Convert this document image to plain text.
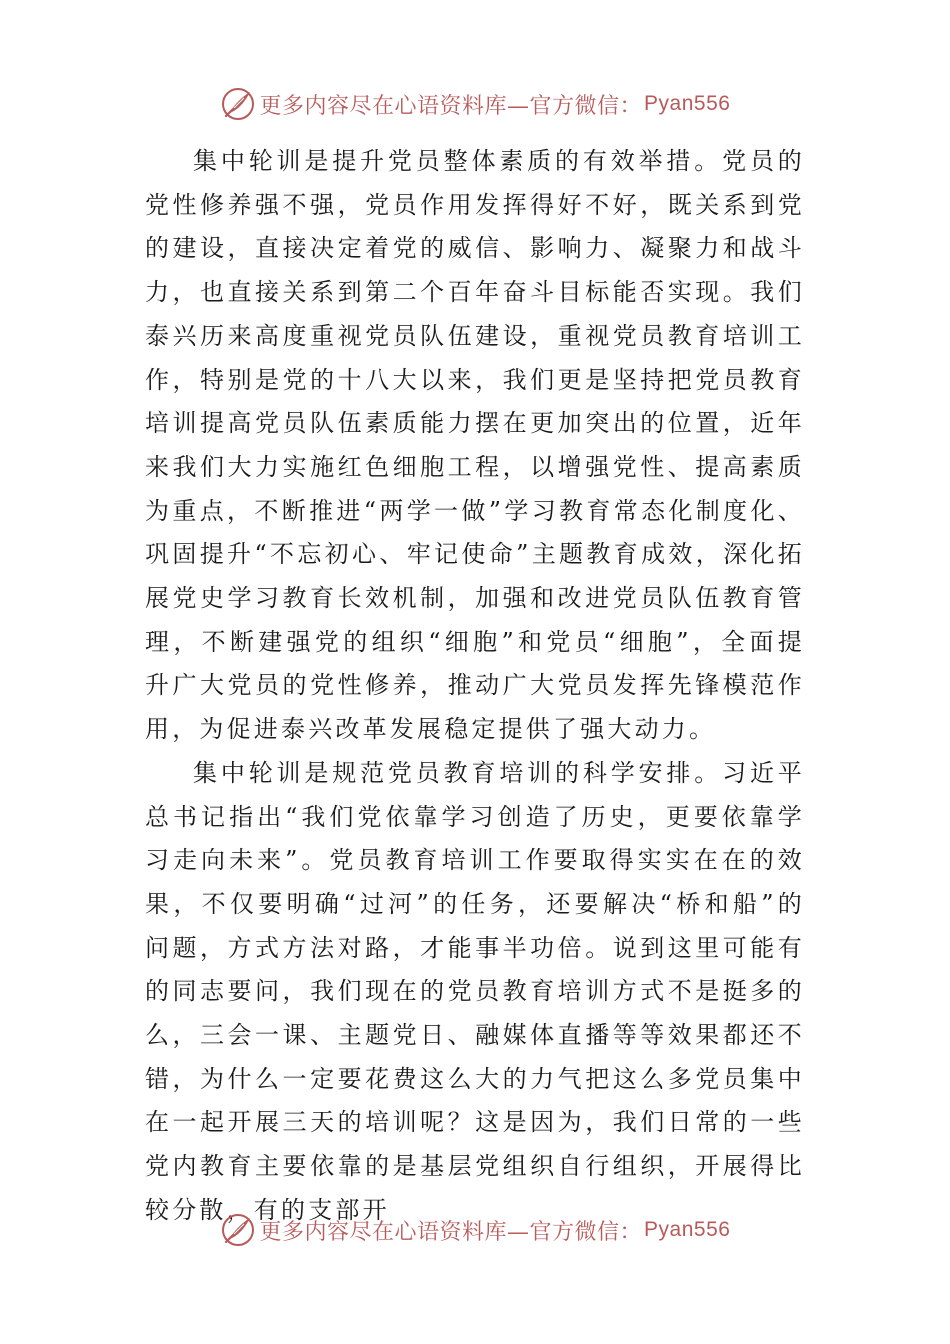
更多内容尽在心语资料库—官方微信： Pyan556

集中轮训是提升党员整体素质的有效举措。党员的党性修养强不强，党员作用发挥得好不好，既关系到党的建设，直接决定着党的威信、影响力、凝聚力和战斗力，也直接关系到第二个百年奋斗目标能否实现。我们泰兴历来高度重视党员队伍建设，重视党员教育培训工作，特别是党的十八大以来，我们更是坚持把党员教育培训提高党员队伍素质能力摆在更加突出的位置，近年来我们大力实施红色细胞工程，以增强党性、提高素质为重点，不断推进“两学一做”学习教育常态化制度化、巩固提升“不忘初心、牢记使命”主题教育成效，深化拓展党史学习教育长效机制，加强和改进党员队伍教育管理，不断建强党的组织“细胞”和党员“细胞”，全面提升广大党员的党性修养，推动广大党员发挥先锋模范作用，为促进泰兴改革发展稳定提供了强大动力。

集中轮训是规范党员教育培训的科学安排。习近平总书记指出“我们党依靠学习创造了历史，更要依靠学习走向未来”。党员教育培训工作要取得实实在在的效果，不仅要明确“过河”的任务，还要解决“桥和船”的问题，方式方法对路，才能事半功倍。说到这里可能有的同志要问，我们现在的党员教育培训方式不是挺多的么，三会一课、主题党日、融媒体直播等等效果都还不错，为什么一定要花费这么大的力气把这么多党员集中在一起开展三天的培训呢？这是因为，我们日常的一些党内教育主要依靠的是基层党组织自行组织，开展得比较分散，有的支部开

更多内容尽在心语资料库—官方微信： Pyan556
